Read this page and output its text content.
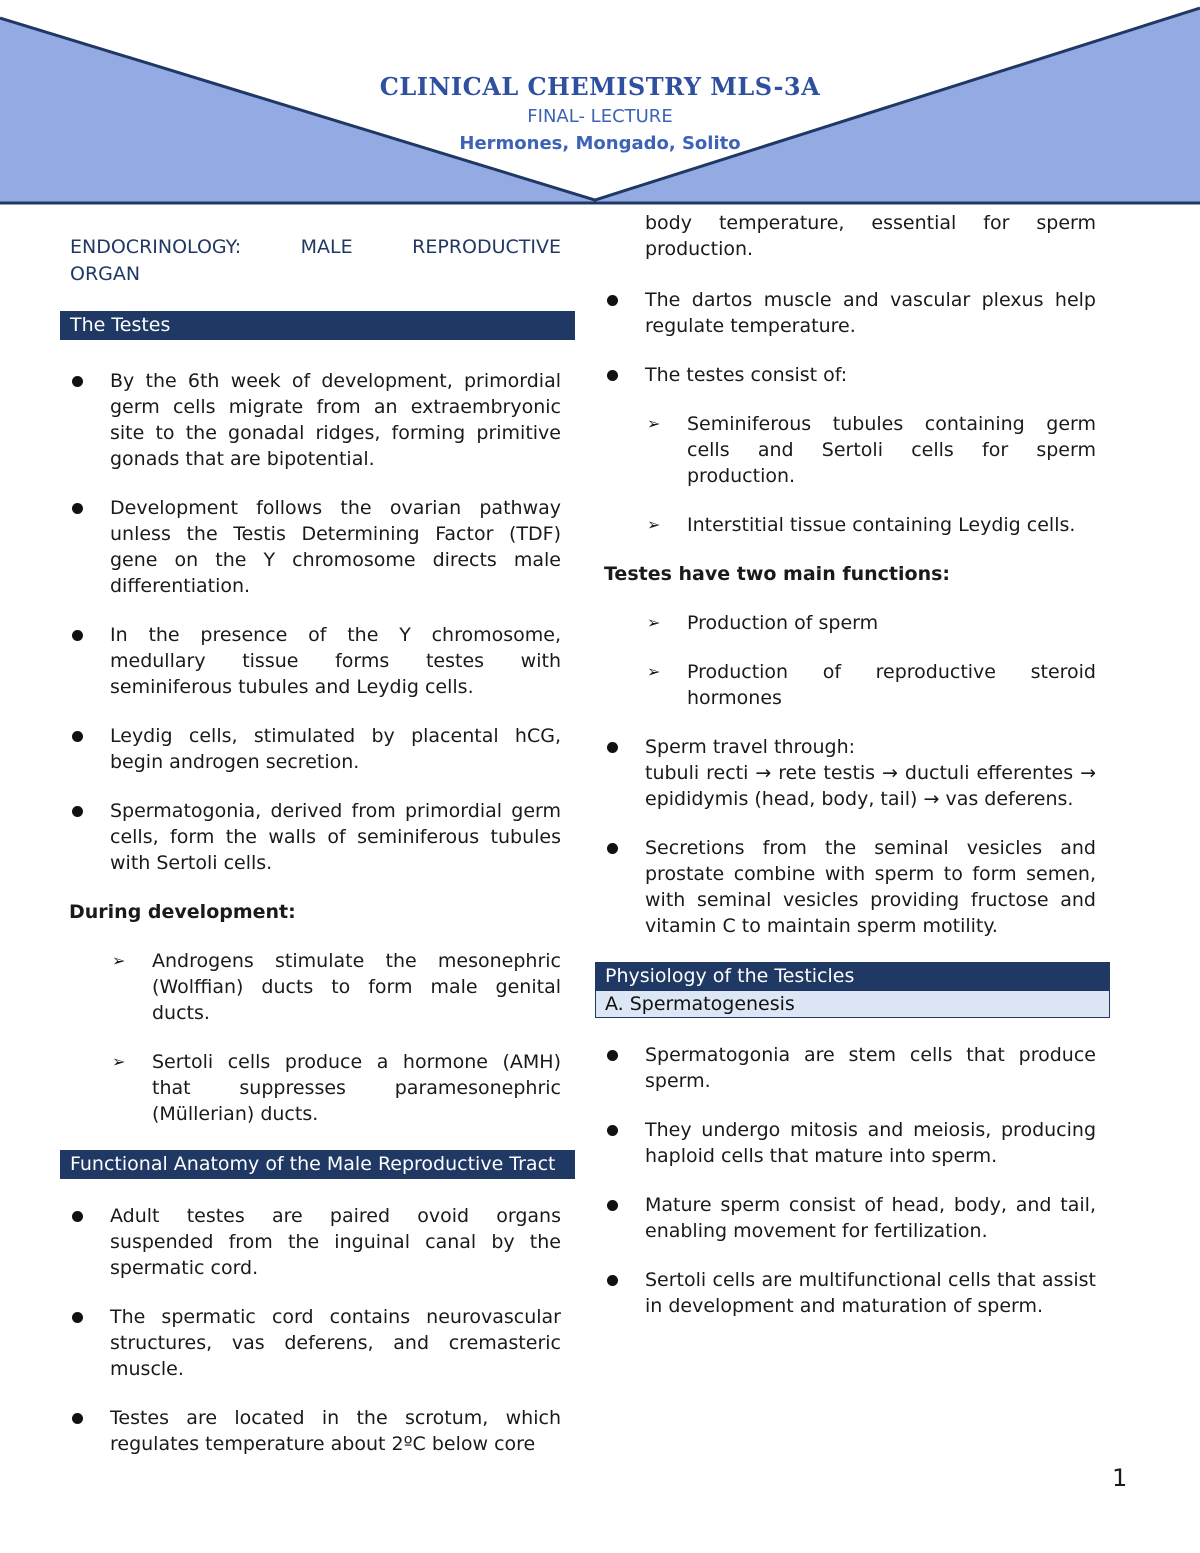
CLINICAL CHEMISTRY MLS-3A
FINAL- LECTURE
Hermones, Mongado, Solito
ENDOCRINOLOGY: MALE REPRODUCTIVE
ORGAN
The Testes
By the 6th week of development, primordial germ cells migrate from an extraembryonic site to the gonadal ridges, forming primitive gonads that are bipotential.
Development follows the ovarian pathway unless the Testis Determining Factor (TDF) gene on the Y chromosome directs male differentiation.
In the presence of the Y chromosome, medullary tissue forms testes with seminiferous tubules and Leydig cells.
Leydig cells, stimulated by placental hCG, begin androgen secretion.
Spermatogonia, derived from primordial germ cells, form the walls of seminiferous tubules with Sertoli cells.
During development:
➢ Androgens stimulate the mesonephric (Wolffian) ducts to form male genital ducts.
➢ Sertoli cells produce a hormone (AMH) that suppresses paramesonephric (Müllerian) ducts.
Functional Anatomy of the Male Reproductive Tract
Adult testes are paired ovoid organs suspended from the inguinal canal by the spermatic cord.
The spermatic cord contains neurovascular structures, vas deferens, and cremasteric muscle.
Testes are located in the scrotum, which regulates temperature about 2ºC below core
body temperature, essential for sperm production.
The dartos muscle and vascular plexus help regulate temperature.
The testes consist of:
➢ Seminiferous tubules containing germ cells and Sertoli cells for sperm production.
➢ Interstitial tissue containing Leydig cells.
Testes have two main functions:
➢ Production of sperm
➢ Production of reproductive steroid hormones
Sperm travel through:
tubuli recti → rete testis → ductuli efferentes → epididymis (head, body, tail) → vas deferens.
Secretions from the seminal vesicles and prostate combine with sperm to form semen, with seminal vesicles providing fructose and vitamin C to maintain sperm motility.
Physiology of the Testicles
A. Spermatogenesis
Spermatogonia are stem cells that produce sperm.
They undergo mitosis and meiosis, producing haploid cells that mature into sperm.
Mature sperm consist of head, body, and tail, enabling movement for fertilization.
Sertoli cells are multifunctional cells that assist in development and maturation of sperm.
1
